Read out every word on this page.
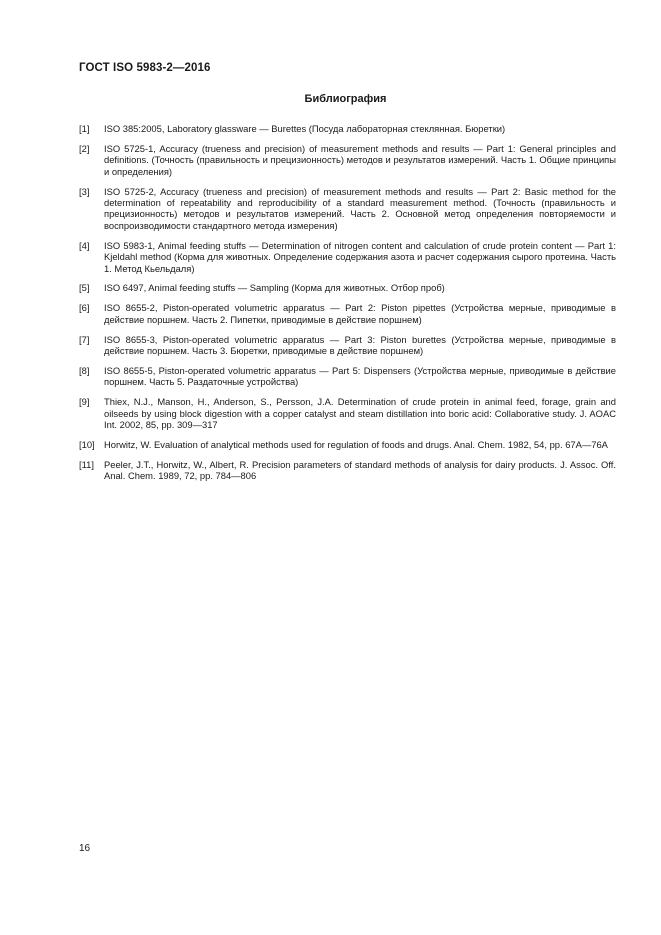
ГОСТ ISO 5983-2—2016
Библиография
[1]	ISO 385:2005, Laboratory glassware — Burettes (Посуда лабораторная стеклянная. Бюретки)
[2]	ISO 5725-1, Accuracy (trueness and precision) of measurement methods and results — Part 1: General principles and definitions. (Точность (правильность и прецизионность) методов и результатов измерений. Часть 1. Общие принципы и определения)
[3]	ISO 5725-2, Accuracy (trueness and precision) of measurement methods and results — Part 2: Basic method for the determination of repeatability and reproducibility of a standard measurement method. (Точность (правильность и прецизионность) методов и результатов измерений. Часть 2. Основной метод определения повторяемости и воспроизводимости стандартного метода измерения)
[4]	ISO 5983-1, Animal feeding stuffs — Determination of nitrogen content and calculation of crude protein content — Part 1: Kjeldahl method (Корма для животных. Определение содержания азота и расчет содержания сырого протеина. Часть 1. Метод Кьельдаля)
[5]	ISO 6497, Animal feeding stuffs — Sampling (Корма для животных. Отбор проб)
[6]	ISO 8655-2, Piston-operated volumetric apparatus — Part 2: Piston pipettes (Устройства мерные, приводимые в действие поршнем. Часть 2. Пипетки, приводимые в действие поршнем)
[7]	ISO 8655-3, Piston-operated volumetric apparatus — Part 3: Piston burettes (Устройства мерные, приводимые в действие поршнем. Часть 3. Бюретки, приводимые в действие поршнем)
[8]	ISO 8655-5, Piston-operated volumetric apparatus — Part 5: Dispensers (Устройства мерные, приводимые в действие поршнем. Часть 5. Раздаточные устройства)
[9]	Thiex, N.J., Manson, H., Anderson, S., Persson, J.A. Determination of crude protein in animal feed, forage, grain and oilseeds by using block digestion with a copper catalyst and steam distillation into boric acid: Collaborative study. J. AOAC Int. 2002, 85, pp. 309—317
[10] Horwitz, W. Evaluation of analytical methods used for regulation of foods and drugs. Anal. Chem. 1982, 54, pp. 67A—76A
[11]	Peeler, J.T., Horwitz, W., Albert, R. Precision parameters of standard methods of analysis for dairy products. J. Assoc. Off. Anal. Chem. 1989, 72, pp. 784—806
16
